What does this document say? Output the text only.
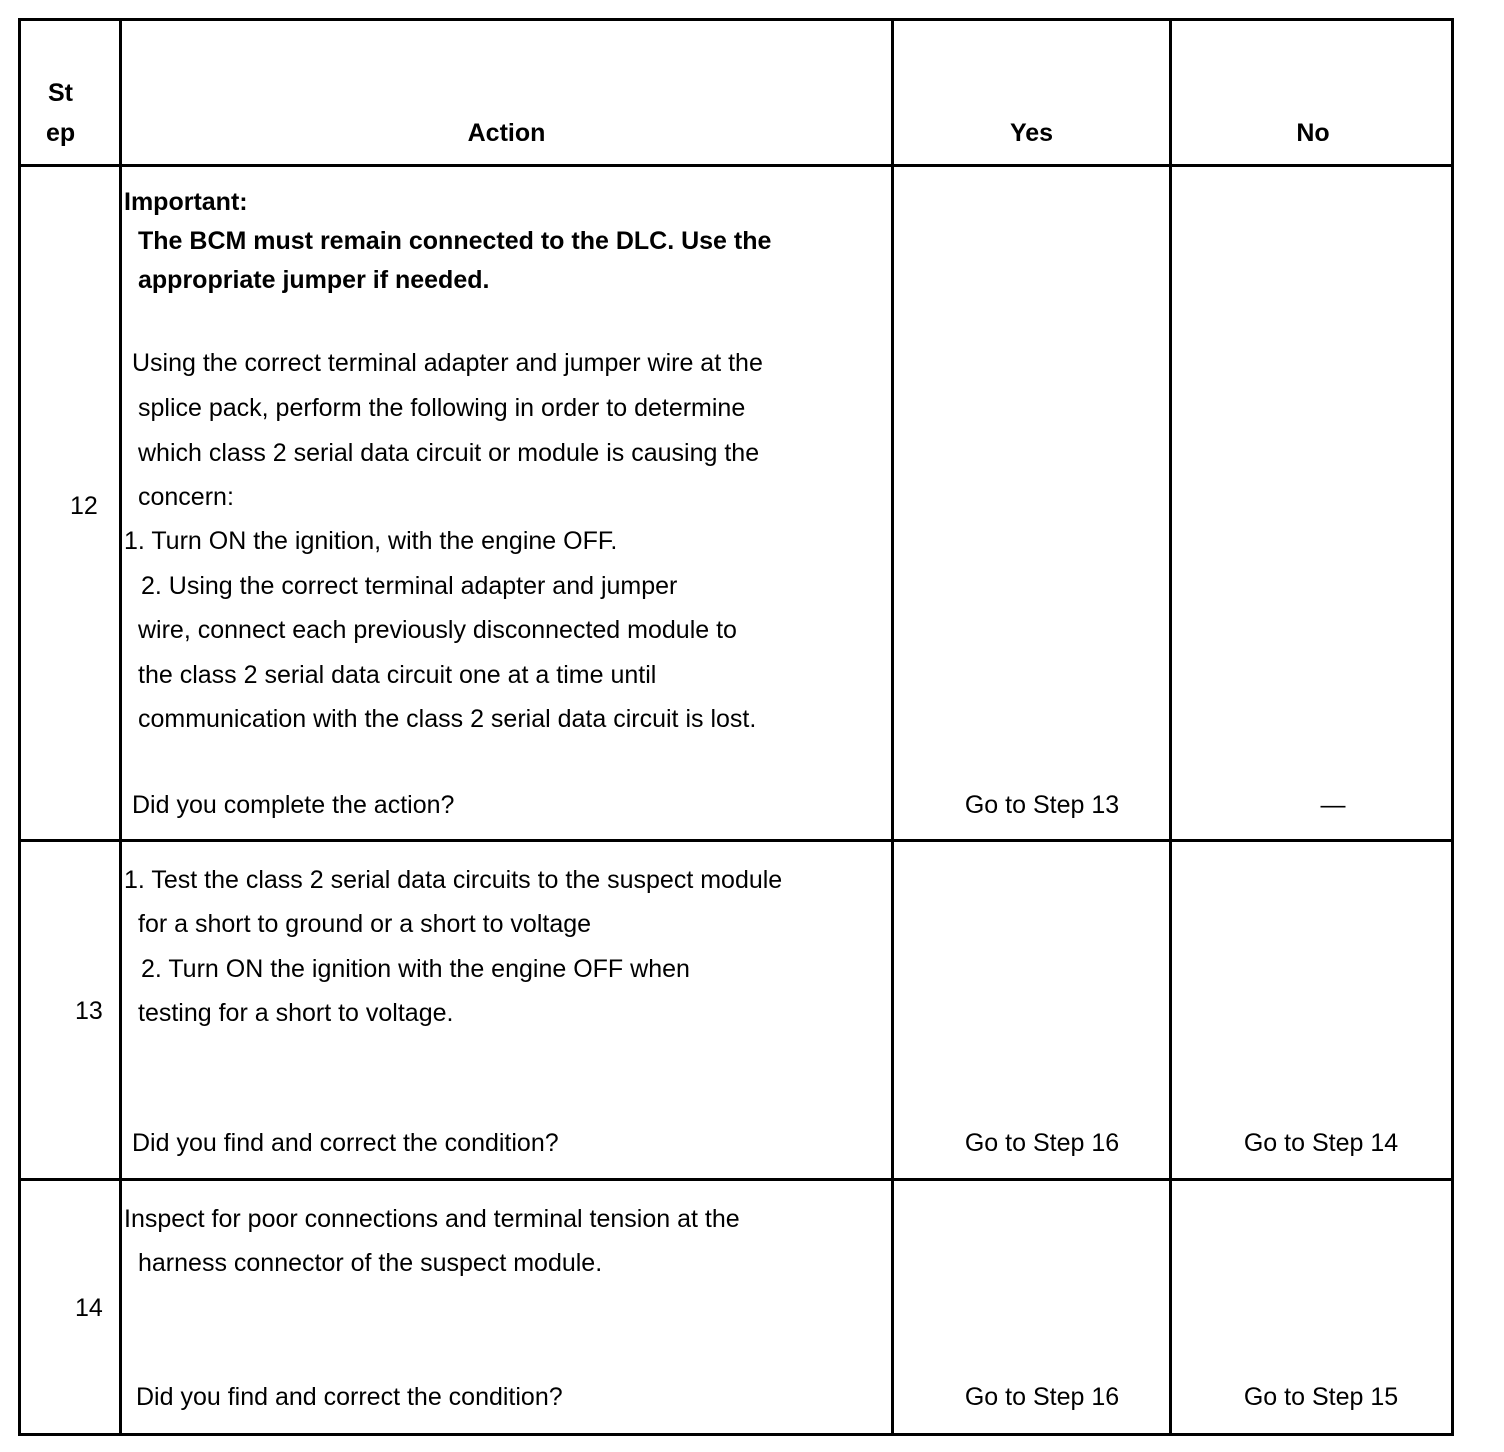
St
ep	Action	Yes	No
12
Important:
The BCM must remain connected to the DLC. Use the
appropriate jumper if needed.
Using the correct terminal adapter and jumper wire at the
splice pack, perform the following in order to determine
which class 2 serial data circuit or module is causing the
concern:
1. Turn ON the ignition, with the engine OFF.
2. Using the correct terminal adapter and jumper
wire, connect each previously disconnected module to
the class 2 serial data circuit one at a time until
communication with the class 2 serial data circuit is lost.
Did you complete the action?	Go to Step 13	—
13
1. Test the class 2 serial data circuits to the suspect module
for a short to ground or a short to voltage
2. Turn ON the ignition with the engine OFF when
testing for a short to voltage.
Did you find and correct the condition?	Go to Step 16	Go to Step 14
14
Inspect for poor connections and terminal tension at the
harness connector of the suspect module.
Did you find and correct the condition?	Go to Step 16	Go to Step 15
